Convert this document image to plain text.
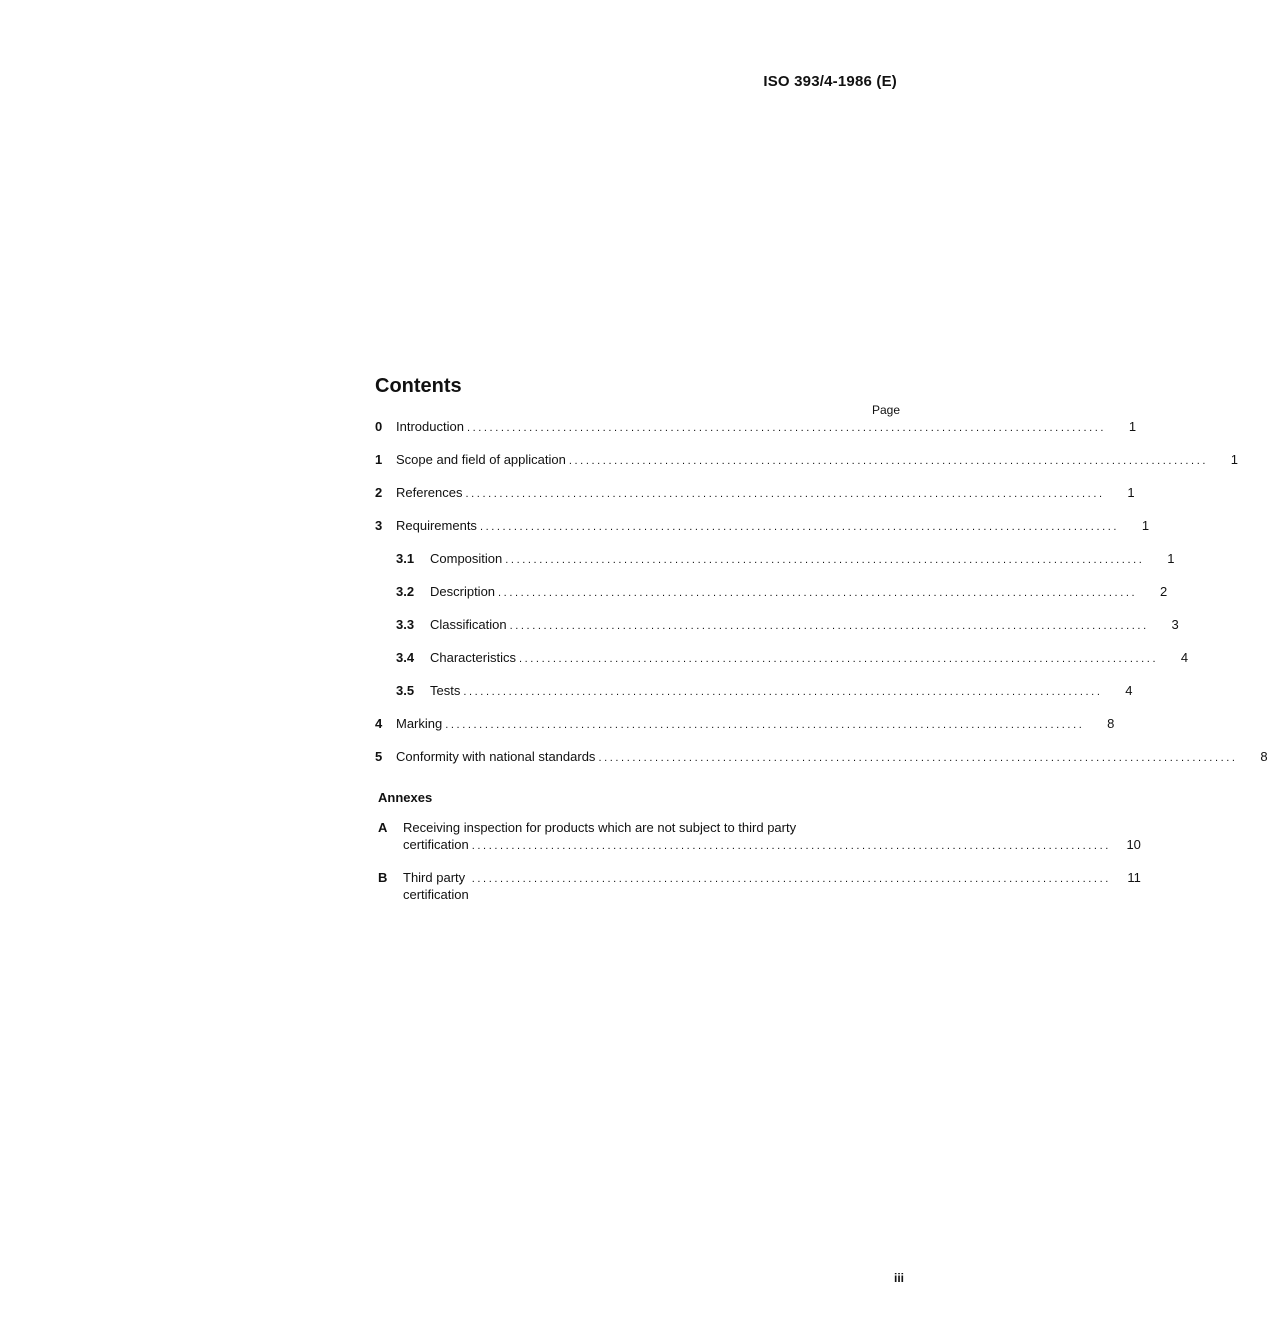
ISO 393/4-1986 (E)
Contents
Page
0	Introduction .................................................................................................................	1
1	Scope and field of application .................................................................................................................	1
2	References .................................................................................................................	1
3	Requirements .................................................................................................................	1
3.1	Composition .................................................................................................................	1
3.2	Description .................................................................................................................	2
3.3	Classification .................................................................................................................	3
3.4	Characteristics .................................................................................................................	4
3.5	Tests .................................................................................................................	4
4	Marking .................................................................................................................	8
5	Conformity with national standards .................................................................................................................	8
Annexes
A	Receiving inspection for products which are not subject to third party
certification ................................................................................................................. 10
B	Third party certification
................................................................................................................. 11
iii
